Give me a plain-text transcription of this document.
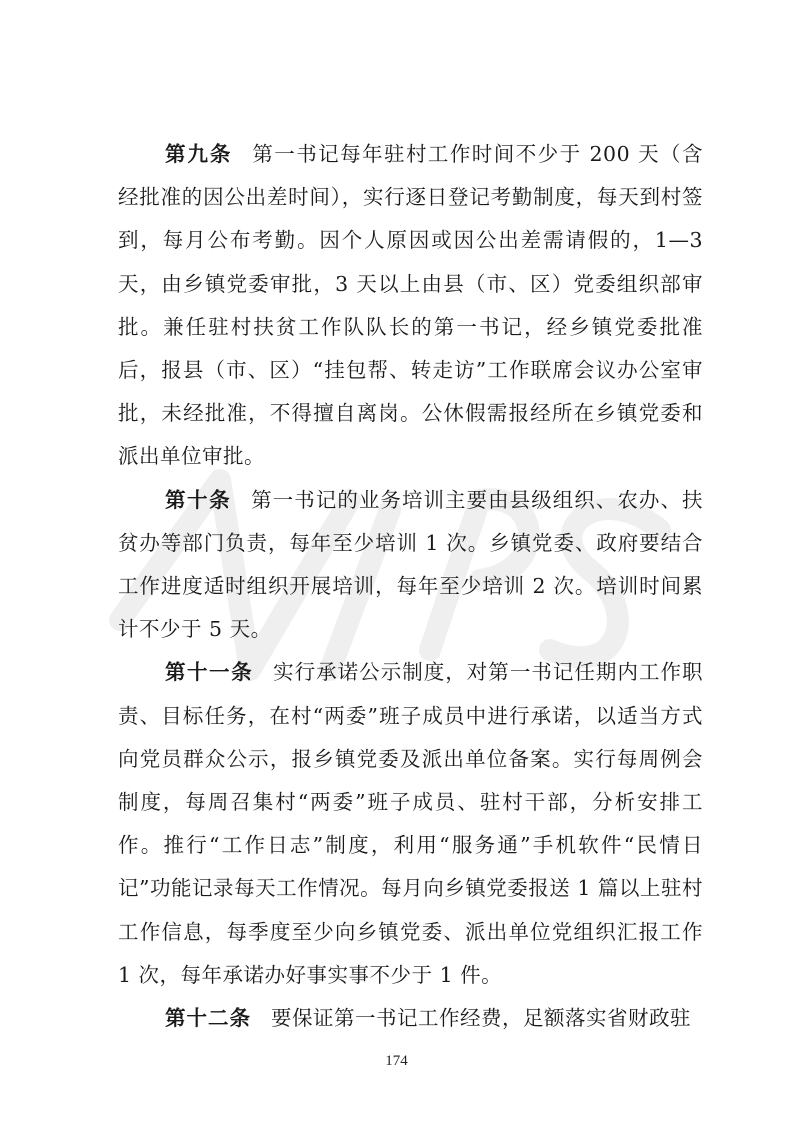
第九条 第一书记每年驻村工作时间不少于 200 天（含经批准的因公出差时间），实行逐日登记考勤制度，每天到村签到，每月公布考勤。因个人原因或因公出差需请假的，1—3 天，由乡镇党委审批，3 天以上由县（市、区）党委组织部审批。兼任驻村扶贫工作队队长的第一书记，经乡镇党委批准后，报县（市、区）“挂包帮、转走访”工作联席会议办公室审批，未经批准，不得擅自离岗。公休假需报经所在乡镇党委和派出单位审批。

第十条 第一书记的业务培训主要由县级组织、农办、扶贫办等部门负责，每年至少培训 1 次。乡镇党委、政府要结合工作进度适时组织开展培训，每年至少培训 2 次。培训时间累计不少于 5 天。

第十一条 实行承诺公示制度，对第一书记任期内工作职责、目标任务，在村“两委”班子成员中进行承诺，以适当方式向党员群众公示，报乡镇党委及派出单位备案。实行每周例会制度，每周召集村“两委”班子成员、驻村干部，分析安排工作。推行“工作日志”制度，利用“服务通”手机软件“民情日记”功能记录每天工作情况。每月向乡镇党委报送 1 篇以上驻村工作信息，每季度至少向乡镇党委、派出单位党组织汇报工作 1 次，每年承诺办好事实事不少于 1 件。

第十二条 要保证第一书记工作经费，足额落实省财政驻

174
